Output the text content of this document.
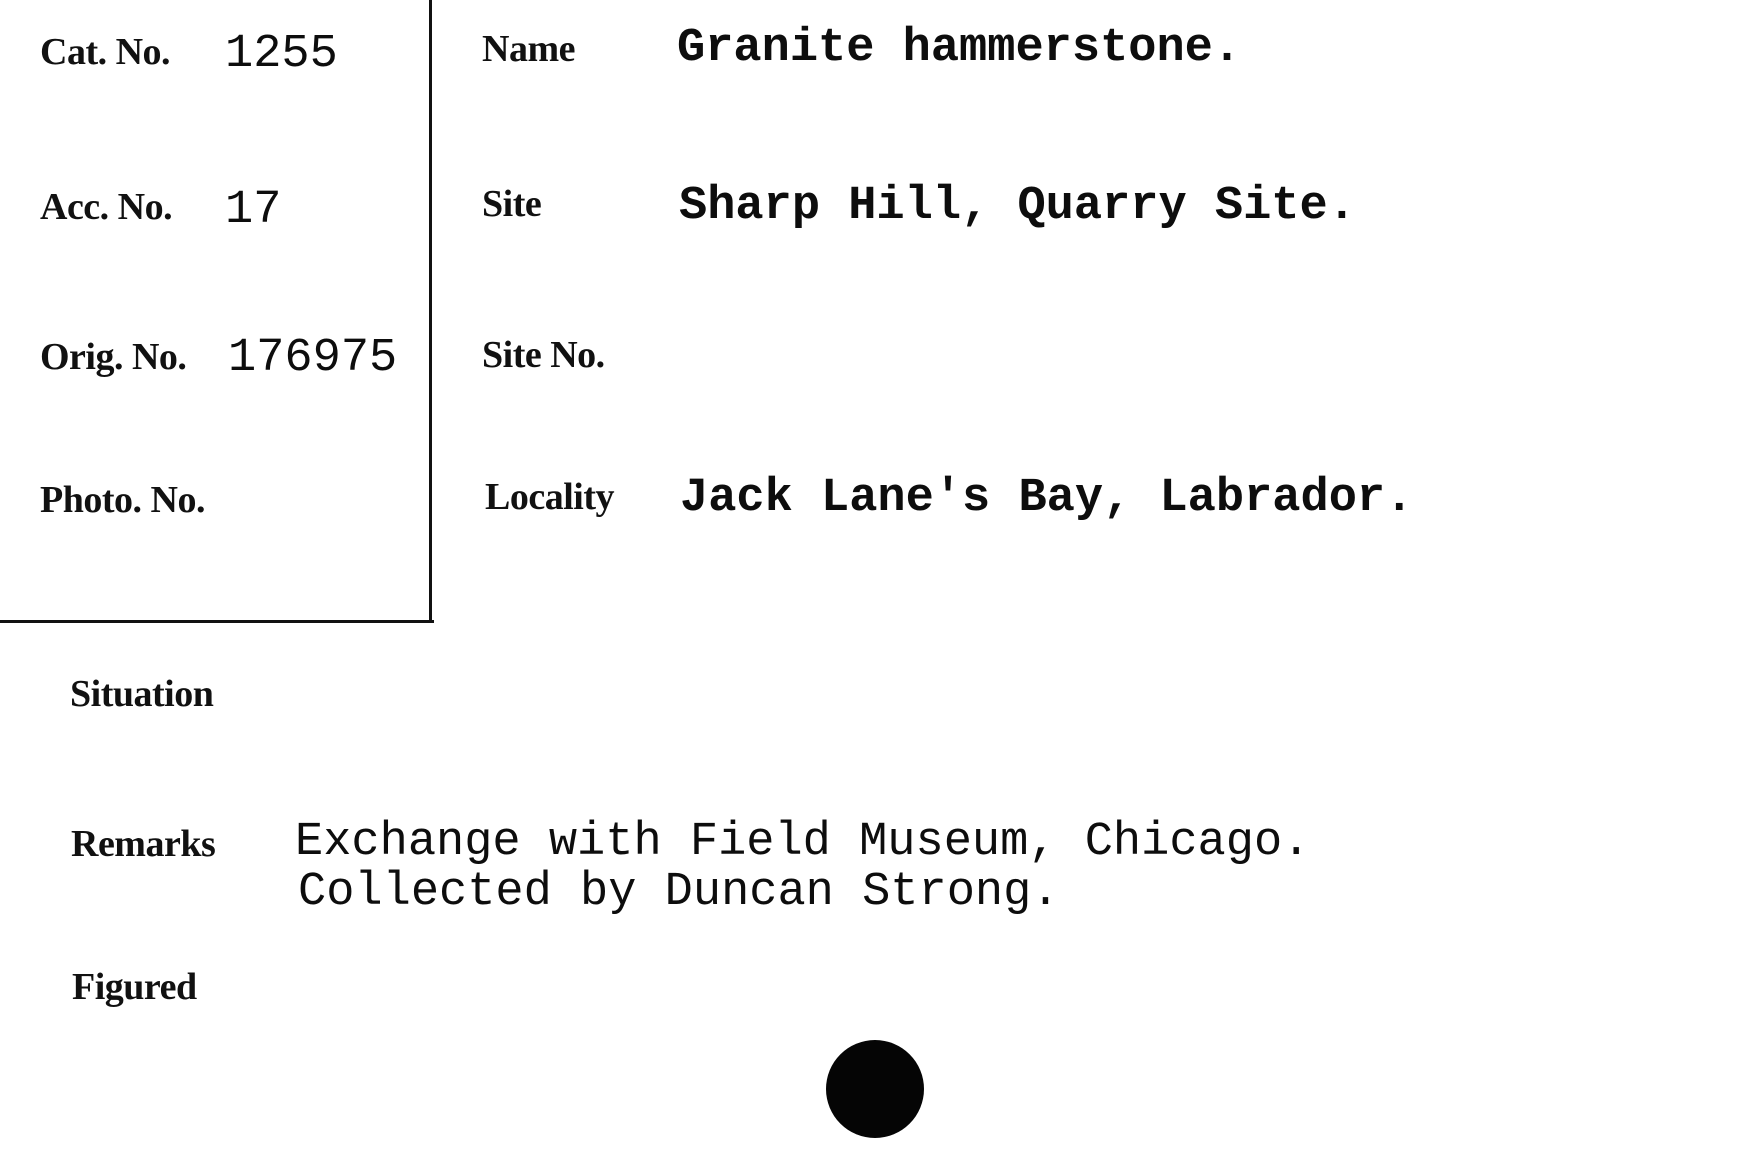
Cat. No. 1255
Acc. No. 17
Orig. No. 176975
Photo. No.
Name Granite hammerstone.
Site	Sharp Hill, Quarry Site.
Site No.
Locality Jack Lane's Bay, Labrador.
Situation
Remarks Exchange with Field Museum, Chicago.
Collected by Duncan Strong.
Figured
